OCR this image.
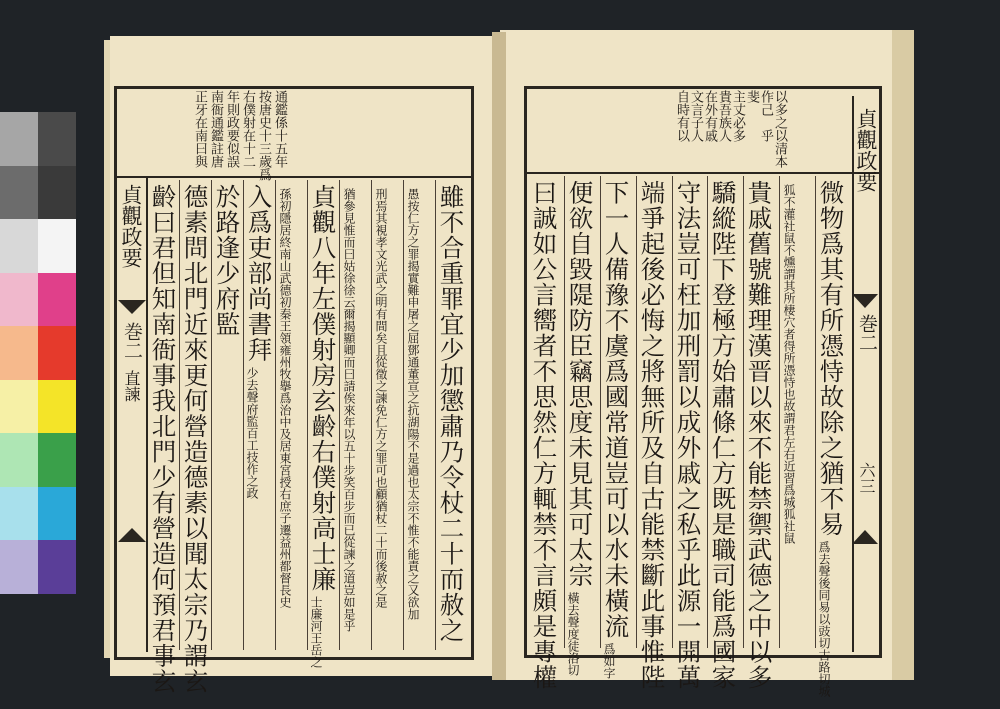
貞觀政要
巻二
直諫
貞觀政要
巻二
六三
通鑑係十五年
按唐史十三歲爲
右僕射在十二
年則政要似誤
南衙通鑑註唐
正牙在南曰與	以多之以清本
作己　乎
斐
主丈必多
貴吾族人
在外有戚
文言子人
自時有以
雖不合重罪宜少加懲肅乃令杖二十而赦之
愚按仁方之罪揭實難申屠之屈鄧通董宣之抗湖陽不是過也太宗不惟不能責之又欲加
刑焉其視孝文光武之明有間矣且從徵之諫免仁方之罪可也顧猶杖二十而後赦之是
猶參見惟而曰姑徐徐云爾揭顯卿而曰請俟來年以五十步笑百步而已從諫之道豈如是乎
貞觀八年左僕射房玄齡右僕射高士廉
士廉河王岳之
孫初隱居終南山武德初秦王領雍州牧擧爲治中及居東宮授右庶子遷益州都督長史
入爲吏部尚書拜
少去聲府監百工技作之政
於路逢少府監
德素問北門近來更何營造德素以聞太宗乃謂玄
齡曰君但知南衙事我北門少有營造何預君事玄	微物爲其有所憑恃故除之猶不易
爲去聲後同易以豉切古路切城
狐不灌社鼠不燻謂其所棲穴者得所憑恃也故謂君左右近習爲城狐社鼠
貴戚舊號難理漢晋以來不能禁禦武德之中以多
驕縱陛下登極方始肅條仁方既是職司能爲國家
守法豈可枉加刑罰以成外戚之私乎此源一開萬
端爭起後必悔之將無所及自古能禁斷此事惟陛
下一人備豫不虞爲國常道豈可以水未橫流
爲如字
便欲自毀隄防臣竊思度未見其可太宗
橫去聲度徒洛切
曰誠如公言嚮者不思然仁方輒禁不言頗是專權
